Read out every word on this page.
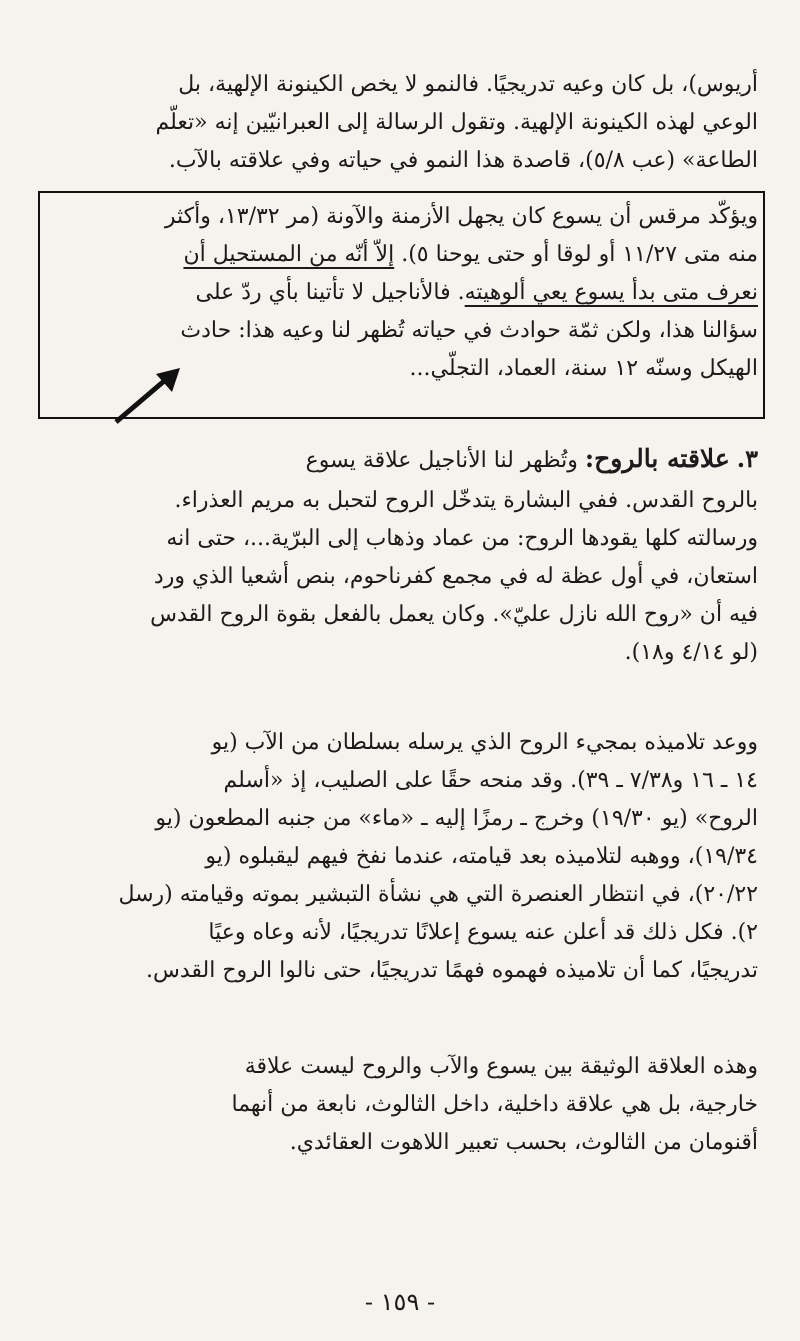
أريوس)، بل كان وعيه تدريجيًا. فالنمو لا يخص الكينونة الإلهية، بل
الوعي لهذه الكينونة الإلهية. وتقول الرسالة إلى العبرانيّين إنه «تعلّم
الطاعة» (عب ٥/٨)، قاصدة هذا النمو في حياته وفي علاقته بالآب.
ويؤكّد مرقس أن يسوع كان يجهل الأزمنة والآونة (مر ١٣/٣٢، وأكثر
منه متى ١١/٢٧ أو لوقا أو حتى يوحنا ٥). إلاّ أنّه من المستحيل أن
نعرف متى بدأ يسوع يعي ألوهيته. فالأناجيل لا تأتينا بأي ردّ على
سؤالنا هذا، ولكن ثمّة حوادث في حياته تُظهر لنا وعيه هذا: حادث
الهيكل وسنّه ١٢ سنة، العماد، التجلّي...
٣. علاقته بالروح: وتُظهر لنا الأناجيل علاقة يسوع
بالروح القدس. ففي البشارة يتدخّل الروح لتحبل به مريم العذراء.
ورسالته كلها يقودها الروح: من عماد وذهاب إلى البرّية...، حتى انه
استعان، في أول عظة له في مجمع كفرناحوم، بنص أشعيا الذي ورد
فيه أن «روح الله نازل عليّ». وكان يعمل بالفعل بقوة الروح القدس
(لو ٤/١٤ و١٨).
ووعد تلاميذه بمجيء الروح الذي يرسله بسلطان من الآب (يو
١٤ ـ ١٦ و٧/٣٨ ـ ٣٩). وقد منحه حقًا على الصليب، إذ «أسلم
الروح» (يو ١٩/٣٠) وخرج ـ رمزًا إليه ـ «ماء» من جنبه المطعون (يو
١٩/٣٤)، ووهبه لتلاميذه بعد قيامته، عندما نفخ فيهم ليقبلوه (يو
٢٠/٢٢)، في انتظار العنصرة التي هي نشأة التبشير بموته وقيامته (رسل
٢). فكل ذلك قد أعلن عنه يسوع إعلانًا تدريجيًا، لأنه وعاه وعيًا
تدريجيًا، كما أن تلاميذه فهموه فهمًا تدريجيًا، حتى نالوا الروح القدس.
وهذه العلاقة الوثيقة بين يسوع والآب والروح ليست علاقة
خارجية، بل هي علاقة داخلية، داخل الثالوث، نابعة من أنهما
أقنومان من الثالوث، بحسب تعبير اللاهوت العقائدي.
- ١٥٩ -
